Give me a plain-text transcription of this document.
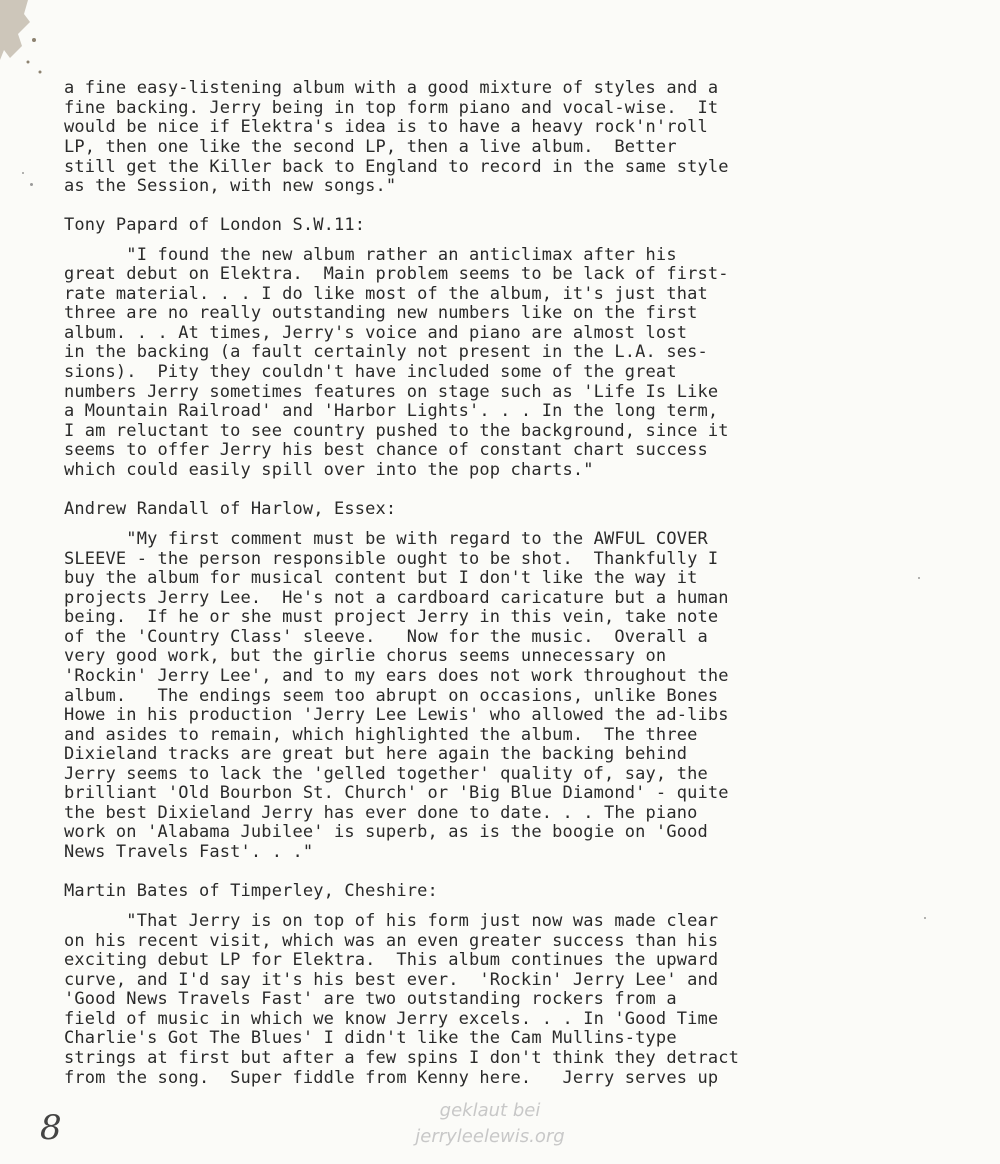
a fine easy-listening album with a good mixture of styles and a
fine backing. Jerry being in top form piano and vocal-wise.  It
would be nice if Elektra's idea is to have a heavy rock'n'roll
LP, then one like the second LP, then a live album.  Better
still get the Killer back to England to record in the same style
as the Session, with new songs."
Tony Papard of London S.W.11:
"I found the new album rather an anticlimax after his
great debut on Elektra.  Main problem seems to be lack of first-
rate material. . . I do like most of the album, it's just that
three are no really outstanding new numbers like on the first
album. . . At times, Jerry's voice and piano are almost lost
in the backing (a fault certainly not present in the L.A. ses-
sions).  Pity they couldn't have included some of the great
numbers Jerry sometimes features on stage such as 'Life Is Like
a Mountain Railroad' and 'Harbor Lights'. . . In the long term,
I am reluctant to see country pushed to the background, since it
seems to offer Jerry his best chance of constant chart success
which could easily spill over into the pop charts."
Andrew Randall of Harlow, Essex:
"My first comment must be with regard to the AWFUL COVER
SLEEVE - the person responsible ought to be shot.  Thankfully I
buy the album for musical content but I don't like the way it
projects Jerry Lee.  He's not a cardboard caricature but a human
being.  If he or she must project Jerry in this vein, take note
of the 'Country Class' sleeve.   Now for the music.  Overall a
very good work, but the girlie chorus seems unnecessary on
'Rockin' Jerry Lee', and to my ears does not work throughout the
album.   The endings seem too abrupt on occasions, unlike Bones
Howe in his production 'Jerry Lee Lewis' who allowed the ad-libs
and asides to remain, which highlighted the album.  The three
Dixieland tracks are great but here again the backing behind
Jerry seems to lack the 'gelled together' quality of, say, the
brilliant 'Old Bourbon St. Church' or 'Big Blue Diamond' - quite
the best Dixieland Jerry has ever done to date. . . The piano
work on 'Alabama Jubilee' is superb, as is the boogie on 'Good
News Travels Fast'. . ."
Martin Bates of Timperley, Cheshire:
"That Jerry is on top of his form just now was made clear
on his recent visit, which was an even greater success than his
exciting debut LP for Elektra.  This album continues the upward
curve, and I'd say it's his best ever.  'Rockin' Jerry Lee' and
'Good News Travels Fast' are two outstanding rockers from a
field of music in which we know Jerry excels. . . In 'Good Time
Charlie's Got The Blues' I didn't like the Cam Mullins-type
strings at first but after a few spins I don't think they detract
from the song.  Super fiddle from Kenny here.   Jerry serves up
8	geklaut bei
jerryleelewis.org
